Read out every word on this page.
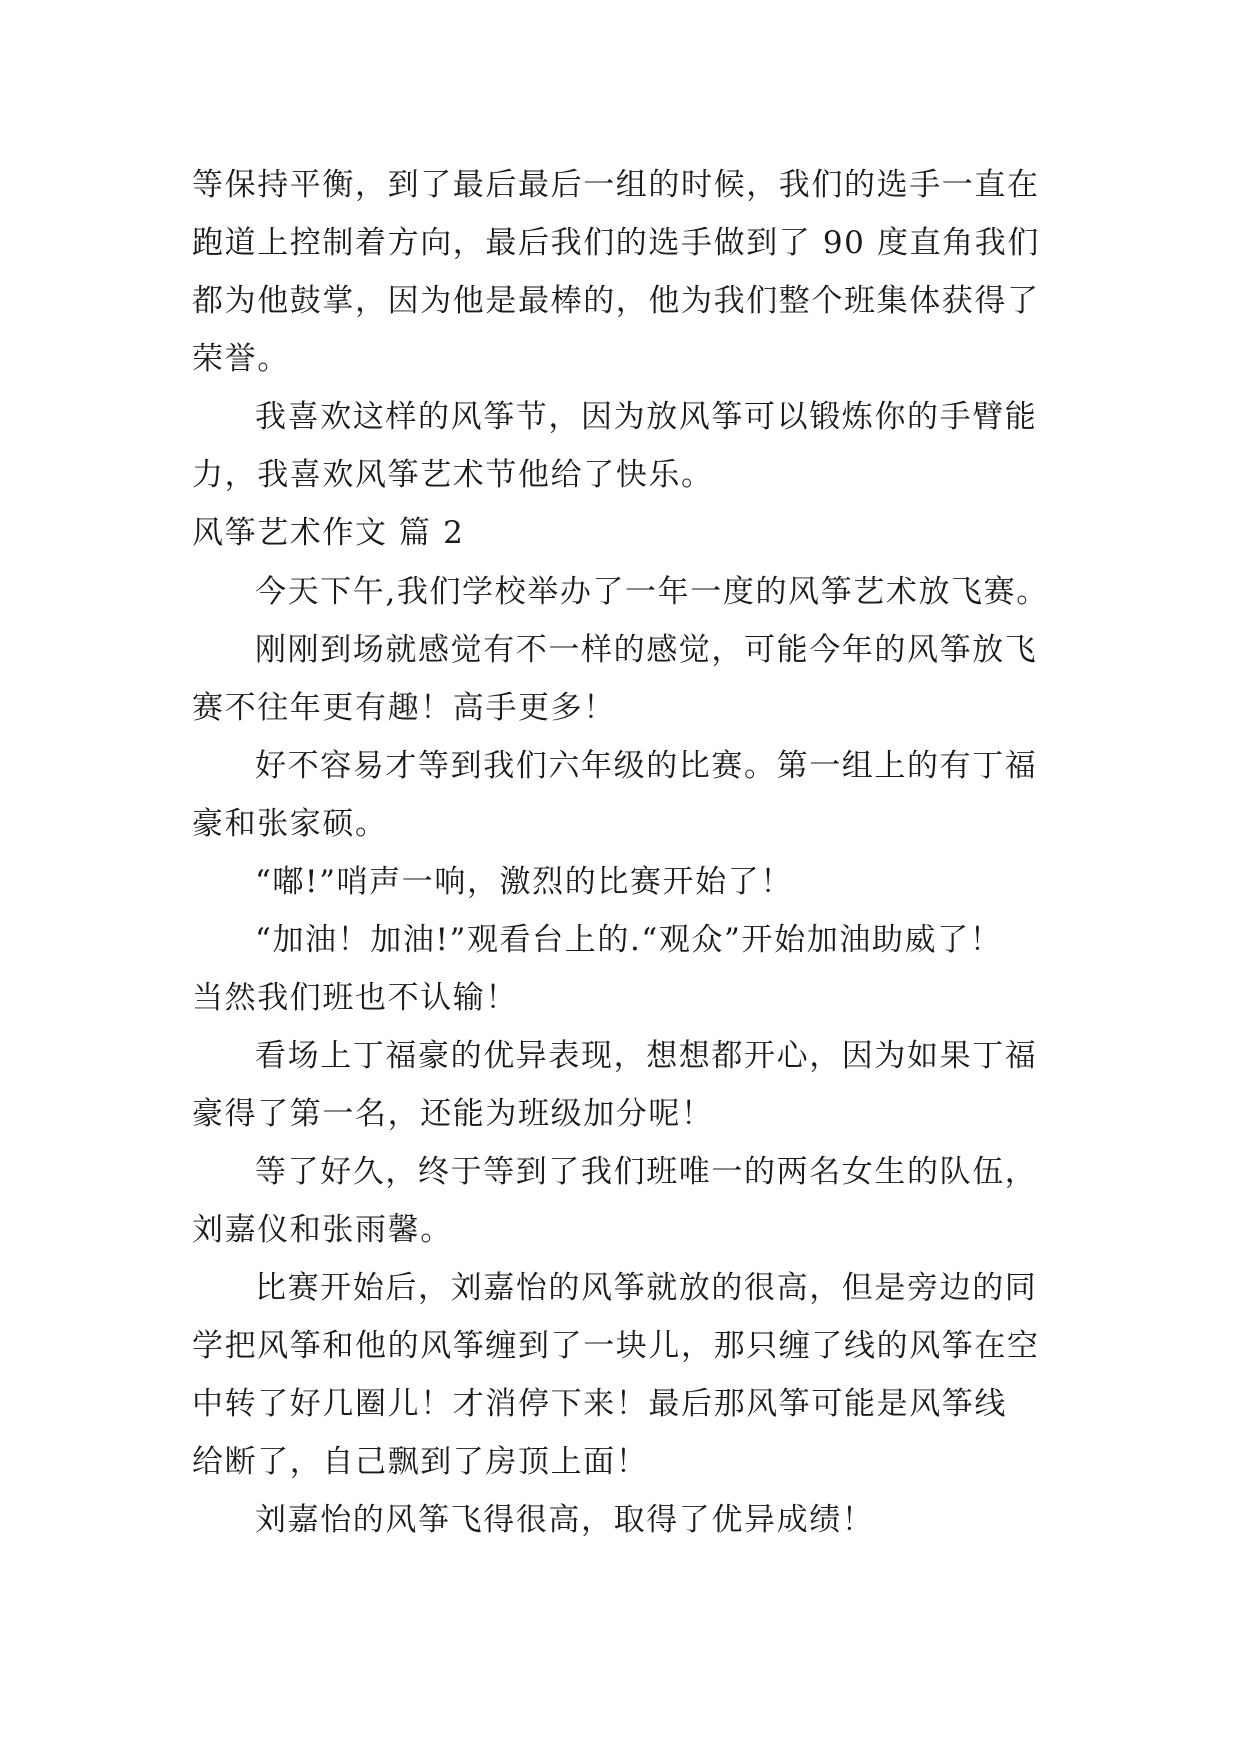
等保持平衡，到了最后最后一组的时候，我们的选手一直在
跑道上控制着方向，最后我们的选手做到了 90 度直角我们
都为他鼓掌，因为他是最棒的，他为我们整个班集体获得了
荣誉。
我喜欢这样的风筝节，因为放风筝可以锻炼你的手臂能
力，我喜欢风筝艺术节他给了快乐。
风筝艺术作文 篇 2
今天下午,我们学校举办了一年一度的风筝艺术放飞赛。
刚刚到场就感觉有不一样的感觉，可能今年的风筝放飞
赛不往年更有趣！高手更多！
好不容易才等到我们六年级的比赛。第一组上的有丁福
豪和张家硕。
“嘟!”哨声一响，激烈的比赛开始了！
“加油！加油!”观看台上的.“观众”开始加油助威了！
当然我们班也不认输！
看场上丁福豪的优异表现，想想都开心，因为如果丁福
豪得了第一名，还能为班级加分呢！
等了好久，终于等到了我们班唯一的两名女生的队伍，
刘嘉仪和张雨馨。
比赛开始后，刘嘉怡的风筝就放的很高，但是旁边的同
学把风筝和他的风筝缠到了一块儿，那只缠了线的风筝在空
中转了好几圈儿！才消停下来！最后那风筝可能是风筝线
给断了，自己飘到了房顶上面！
刘嘉怡的风筝飞得很高，取得了优异成绩！
